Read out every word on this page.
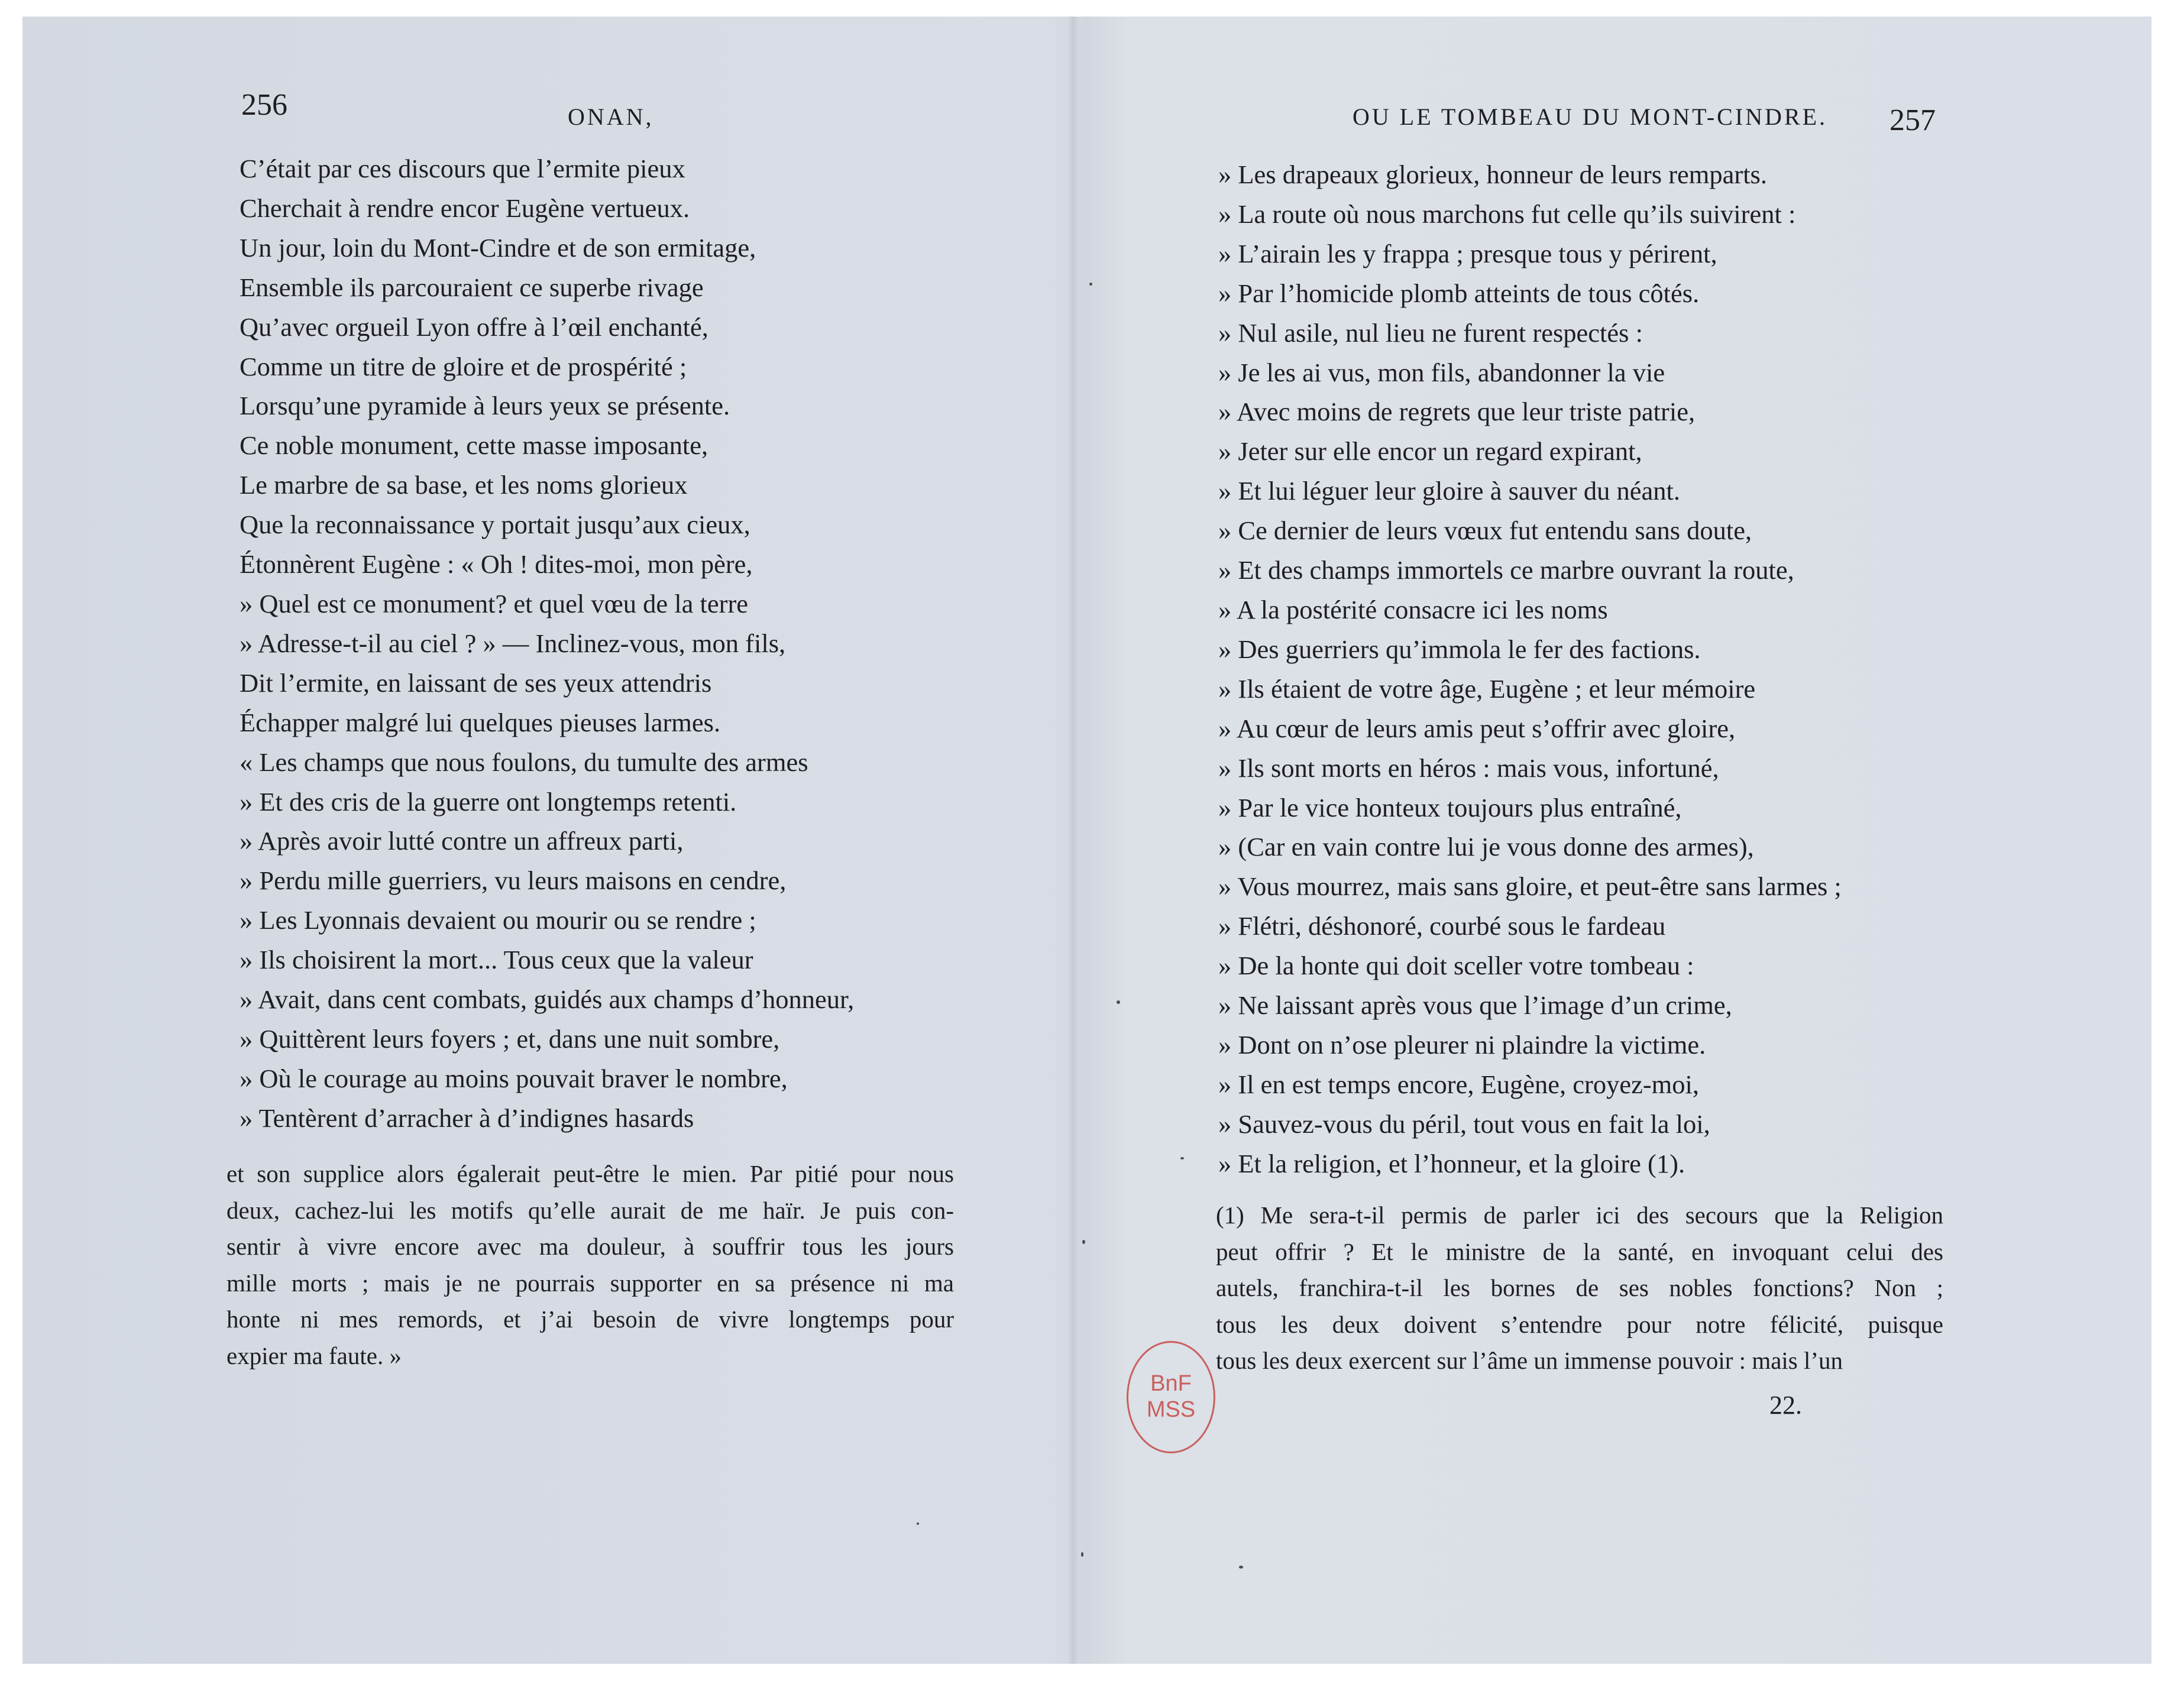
256	ONAN,
C’était par ces discours que l’ermite pieux
Cherchait à rendre encor Eugène vertueux.
Un jour, loin du Mont-Cindre et de son ermitage,
Ensemble ils parcouraient ce superbe rivage
Qu’avec orgueil Lyon offre à l’œil enchanté,
Comme un titre de gloire et de prospérité ;
Lorsqu’une pyramide à leurs yeux se présente.
Ce noble monument, cette masse imposante,
Le marbre de sa base, et les noms glorieux
Que la reconnaissance y portait jusqu’aux cieux,
Étonnèrent Eugène : « Oh ! dites-moi, mon père,
» Quel est ce monument? et quel vœu de la terre
» Adresse-t-il au ciel ? » — Inclinez-vous, mon fils,
Dit l’ermite, en laissant de ses yeux attendris
Échapper malgré lui quelques pieuses larmes.
« Les champs que nous foulons, du tumulte des armes
» Et des cris de la guerre ont longtemps retenti.
» Après avoir lutté contre un affreux parti,
» Perdu mille guerriers, vu leurs maisons en cendre,
» Les Lyonnais devaient ou mourir ou se rendre ;
» Ils choisirent la mort... Tous ceux que la valeur
» Avait, dans cent combats, guidés aux champs d’honneur,
» Quittèrent leurs foyers ; et, dans une nuit sombre,
» Où le courage au moins pouvait braver le nombre,
» Tentèrent d’arracher à d’indignes hasards
et son supplice alors égalerait peut-être le mien. Par pitié pour nous
deux, cachez-lui les motifs qu’elle aurait de me haïr. Je puis con-
sentir à vivre encore avec ma douleur, à souffrir tous les jours
mille morts ; mais je ne pourrais supporter en sa présence ni ma
honte ni mes remords, et j’ai besoin de vivre longtemps pour
expier ma faute. »
OU LE TOMBEAU DU MONT-CINDRE. 257
» Les drapeaux glorieux, honneur de leurs remparts.
» La route où nous marchons fut celle qu’ils suivirent :
» L’airain les y frappa ; presque tous y périrent,
» Par l’homicide plomb atteints de tous côtés.
» Nul asile, nul lieu ne furent respectés :
» Je les ai vus, mon fils, abandonner la vie
» Avec moins de regrets que leur triste patrie,
» Jeter sur elle encor un regard expirant,
» Et lui léguer leur gloire à sauver du néant.
» Ce dernier de leurs vœux fut entendu sans doute,
» Et des champs immortels ce marbre ouvrant la route,
» A la postérité consacre ici les noms
» Des guerriers qu’immola le fer des factions.
» Ils étaient de votre âge, Eugène ; et leur mémoire
» Au cœur de leurs amis peut s’offrir avec gloire,
» Ils sont morts en héros : mais vous, infortuné,
» Par le vice honteux toujours plus entraîné,
» (Car en vain contre lui je vous donne des armes),
» Vous mourrez, mais sans gloire, et peut-être sans larmes ;
» Flétri, déshonoré, courbé sous le fardeau
» De la honte qui doit sceller votre tombeau :
» Ne laissant après vous que l’image d’un crime,
» Dont on n’ose pleurer ni plaindre la victime.
» Il en est temps encore, Eugène, croyez-moi,
» Sauvez-vous du péril, tout vous en fait la loi,
» Et la religion, et l’honneur, et la gloire (1).
(1) Me sera-t-il permis de parler ici des secours que la Religion
peut offrir ? Et le ministre de la santé, en invoquant celui des
autels, franchira-t-il les bornes de ses nobles fonctions? Non ;
tous les deux doivent s’entendre pour notre félicité, puisque
tous les deux exercent sur l’âme un immense pouvoir : mais l’un
22.
BnF
MSS
